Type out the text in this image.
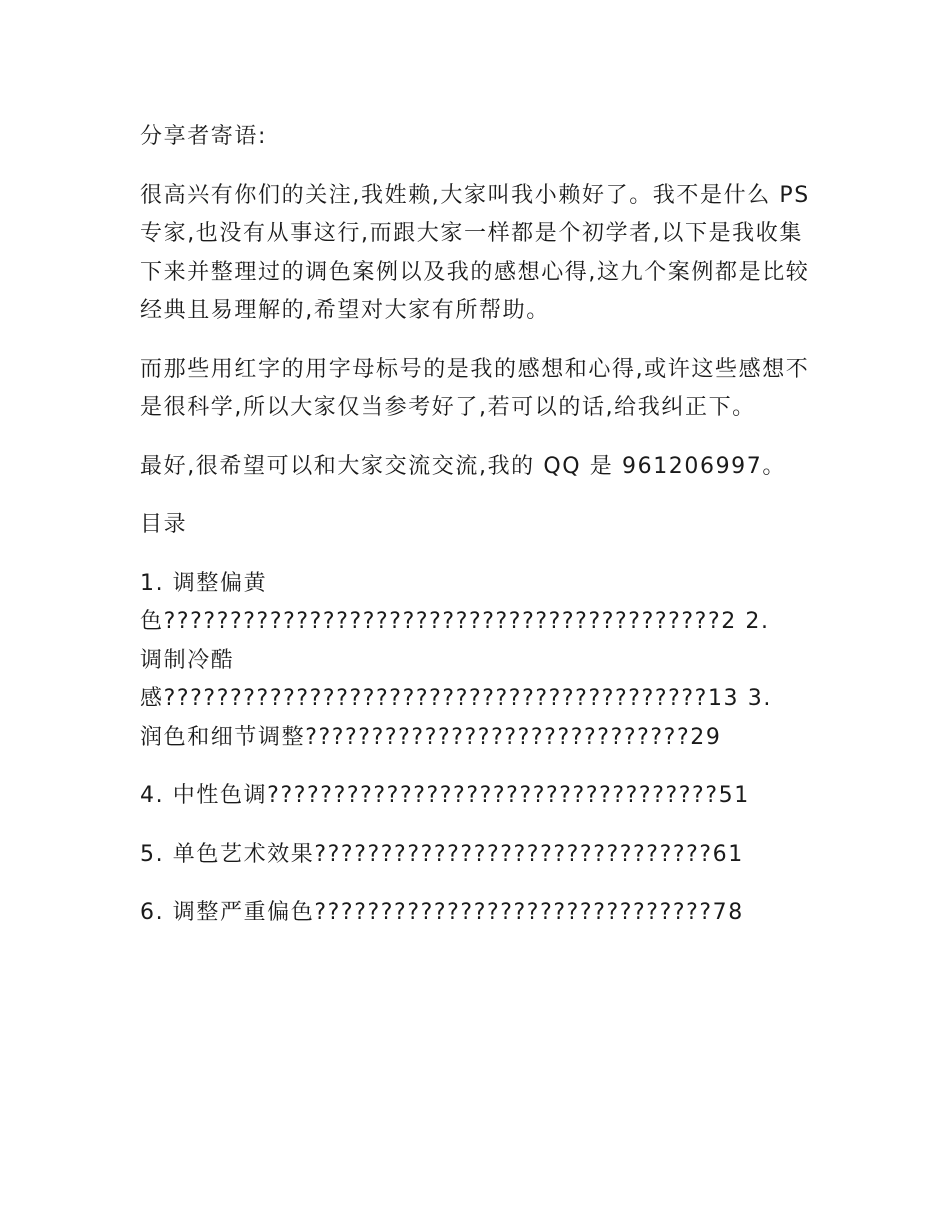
分享者寄语:

很高兴有你们的关注,我姓赖,大家叫我小赖好了。我不是什么 PS 专家,也没有从事这行,而跟大家一样都是个初学者,以下是我收集下来并整理过的调色案例以及我的感想心得,这九个案例都是比较经典且易理解的,希望对大家有所帮助。

而那些用红字的用字母标号的是我的感想和心得,或许这些感想不是很科学,所以大家仅当参考好了,若可以的话,给我纠正下。

最好,很希望可以和大家交流交流,我的 QQ 是 961206997。

目录

1. 调整偏黄
色??????????????????????????????????????????2 2.
调制冷酷
感?????????????????????????????????????????13 3.
润色和细节调整?????????????????????????????29
4. 中性色调??????????????????????????????????51
5. 单色艺术效果??????????????????????????????61
6. 调整严重偏色??????????????????????????????78
